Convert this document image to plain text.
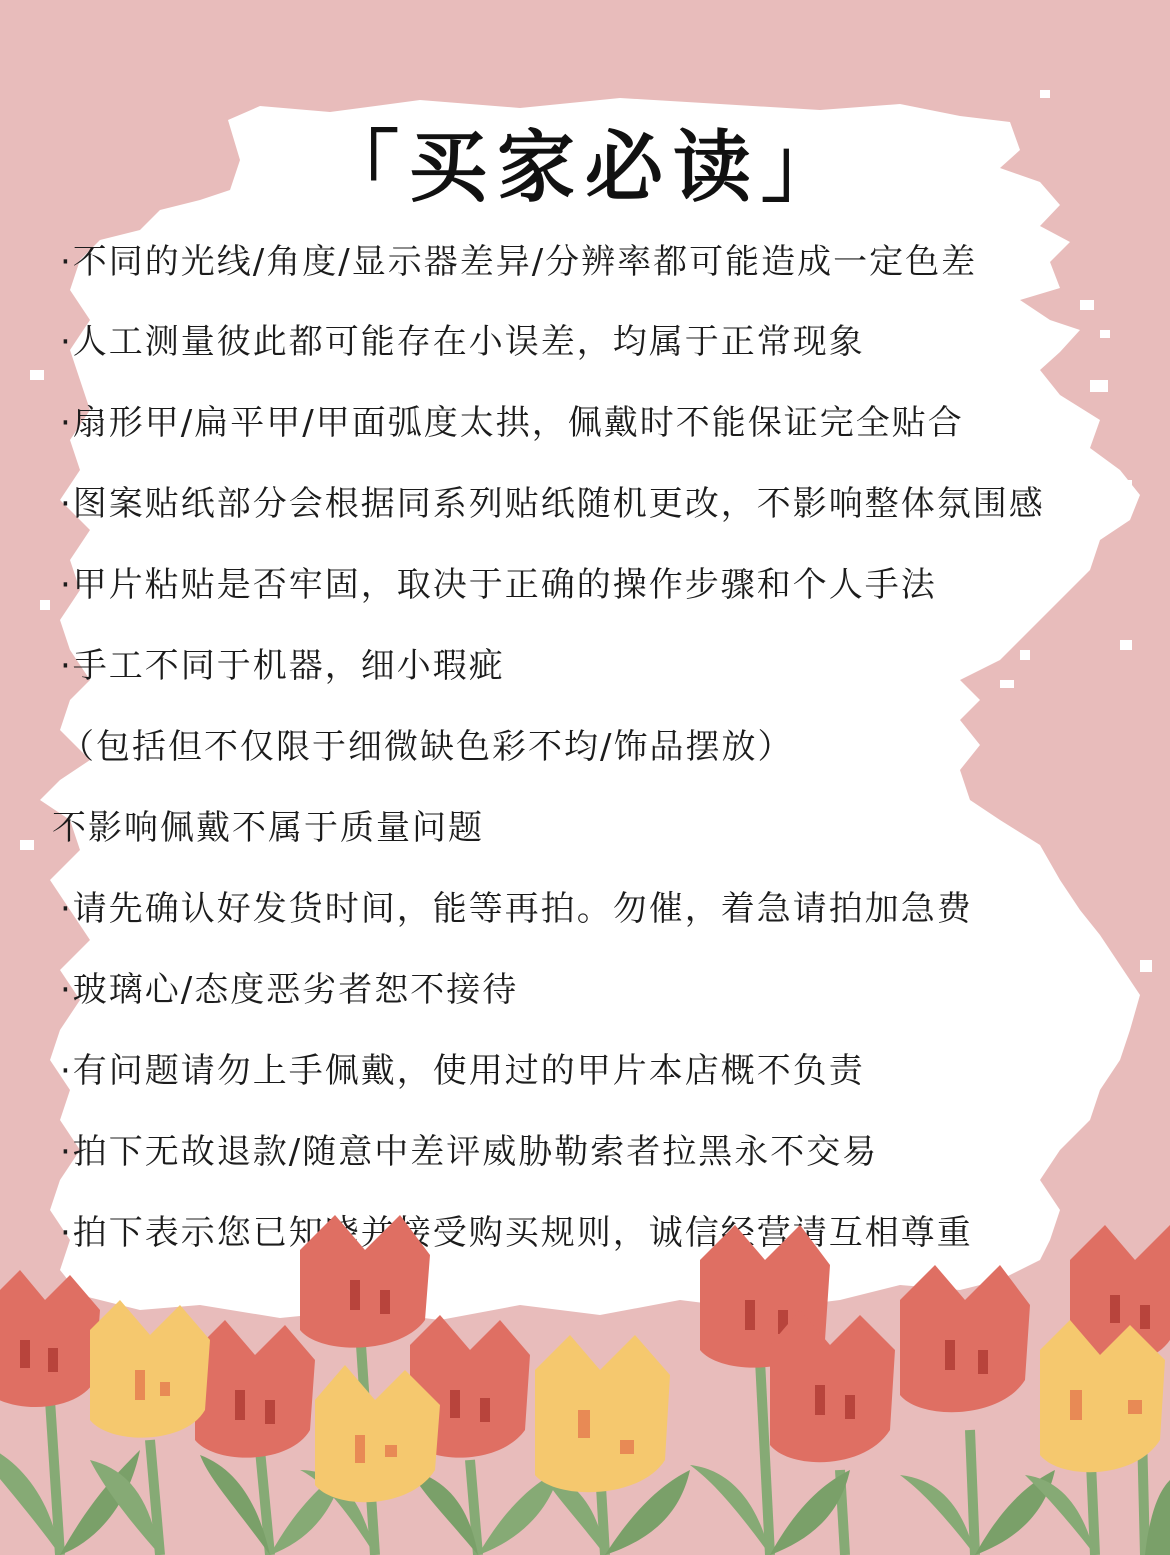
「买家必读」
·不同的光线/角度/显示器差异/分辨率都可能造成一定色差
·人工测量彼此都可能存在小误差，均属于正常现象
·扇形甲/扁平甲/甲面弧度太拱，佩戴时不能保证完全贴合
·图案贴纸部分会根据同系列贴纸随机更改，不影响整体氛围感
·甲片粘贴是否牢固，取决于正确的操作步骤和个人手法
·手工不同于机器，细小瑕疵
（包括但不仅限于细微缺色彩不均/饰品摆放）
不影响佩戴不属于质量问题
·请先确认好发货时间，能等再拍。勿催，着急请拍加急费
·玻璃心/态度恶劣者恕不接待
·有问题请勿上手佩戴，使用过的甲片本店概不负责
·拍下无故退款/随意中差评威胁勒索者拉黑永不交易
·拍下表示您已知晓并接受购买规则，诚信经营请互相尊重
